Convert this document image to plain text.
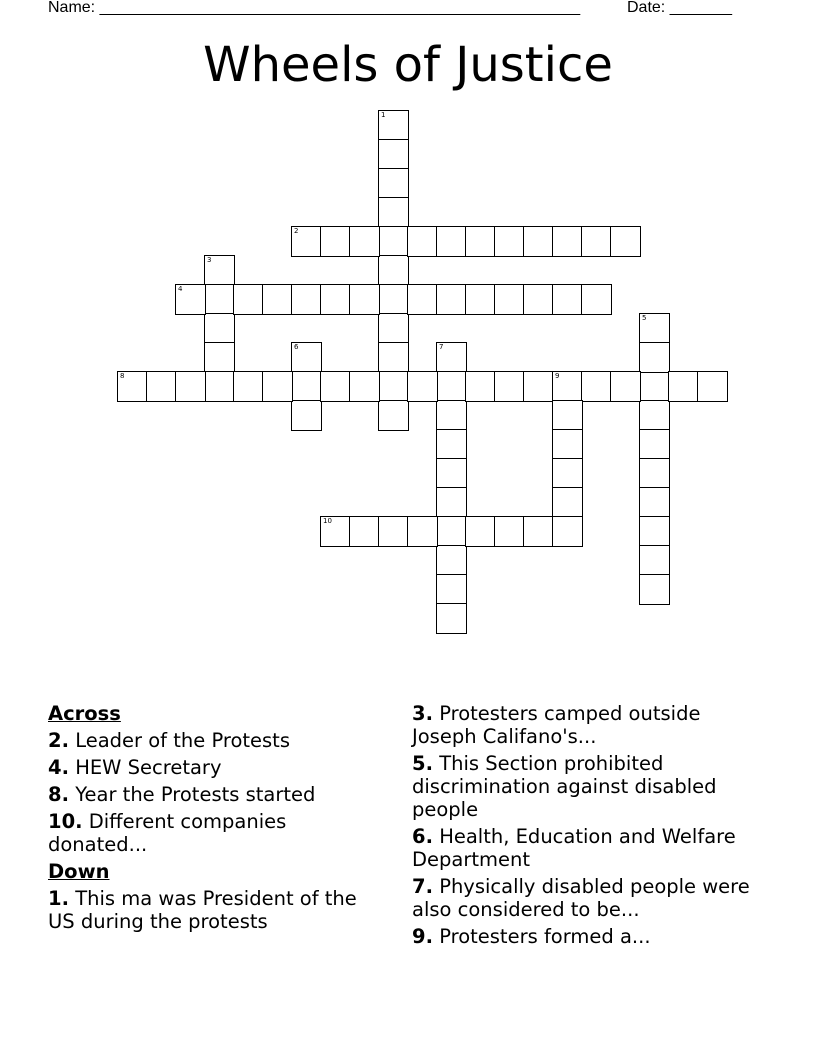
Name: ______________________________________________________	Date: _______
Wheels of Justice
1
2
3
4
5
6	7
8	9
10
Across
2. Leader of the Protests
4. HEW Secretary
8. Year the Protests started
10. Different companies donated...
Down
1. This ma was President of the US during the protests
3. Protesters camped outside Joseph Califano's...
5. This Section prohibited discrimination against disabled people
6. Health, Education and Welfare Department
7. Physically disabled people were also considered to be...
9. Protesters formed a...
